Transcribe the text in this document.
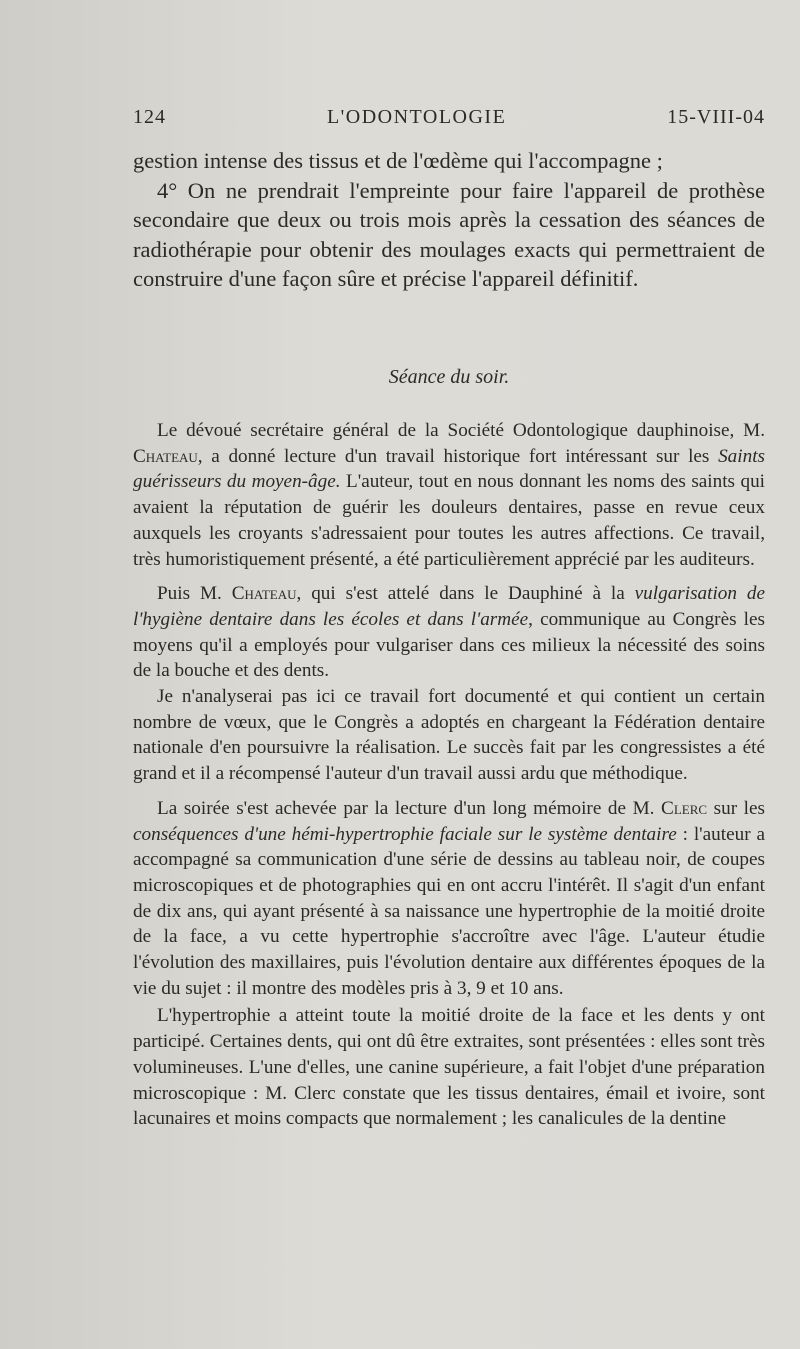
124	L'ODONTOLOGIE	15-VIII-04

gestion intense des tissus et de l'œdème qui l'accompagne ;

4° On ne prendrait l'empreinte pour faire l'appareil de prothèse secondaire que deux ou trois mois après la cessation des séances de radiothérapie pour obtenir des moulages exacts qui permettraient de construire d'une façon sûre et précise l'appareil définitif.

Séance du soir.

Le dévoué secrétaire général de la Société Odontologique dauphinoise, M. Chateau, a donné lecture d'un travail historique fort intéressant sur les Saints guérisseurs du moyen-âge. L'auteur, tout en nous donnant les noms des saints qui avaient la réputation de guérir les douleurs dentaires, passe en revue ceux auxquels les croyants s'adressaient pour toutes les autres affections. Ce travail, très humoristiquement présenté, a été particulièrement apprécié par les auditeurs.

Puis M. Chateau, qui s'est attelé dans le Dauphiné à la vulgarisation de l'hygiène dentaire dans les écoles et dans l'armée, communique au Congrès les moyens qu'il a employés pour vulgariser dans ces milieux la nécessité des soins de la bouche et des dents.

Je n'analyserai pas ici ce travail fort documenté et qui contient un certain nombre de vœux, que le Congrès a adoptés en chargeant la Fédération dentaire nationale d'en poursuivre la réalisation. Le succès fait par les congressistes a été grand et il a récompensé l'auteur d'un travail aussi ardu que méthodique.

La soirée s'est achevée par la lecture d'un long mémoire de M. Clerc sur les conséquences d'une hémi-hypertrophie faciale sur le système dentaire : l'auteur a accompagné sa communication d'une série de dessins au tableau noir, de coupes microscopiques et de photographies qui en ont accru l'intérêt. Il s'agit d'un enfant de dix ans, qui ayant présenté à sa naissance une hypertrophie de la moitié droite de la face, a vu cette hypertrophie s'accroître avec l'âge. L'auteur étudie l'évolution des maxillaires, puis l'évolution dentaire aux différentes époques de la vie du sujet : il montre des modèles pris à 3, 9 et 10 ans.

L'hypertrophie a atteint toute la moitié droite de la face et les dents y ont participé. Certaines dents, qui ont dû être extraites, sont présentées : elles sont très volumineuses. L'une d'elles, une canine supérieure, a fait l'objet d'une préparation microscopique : M. Clerc constate que les tissus dentaires, émail et ivoire, sont lacunaires et moins compacts que normalement ; les canalicules de la dentine
